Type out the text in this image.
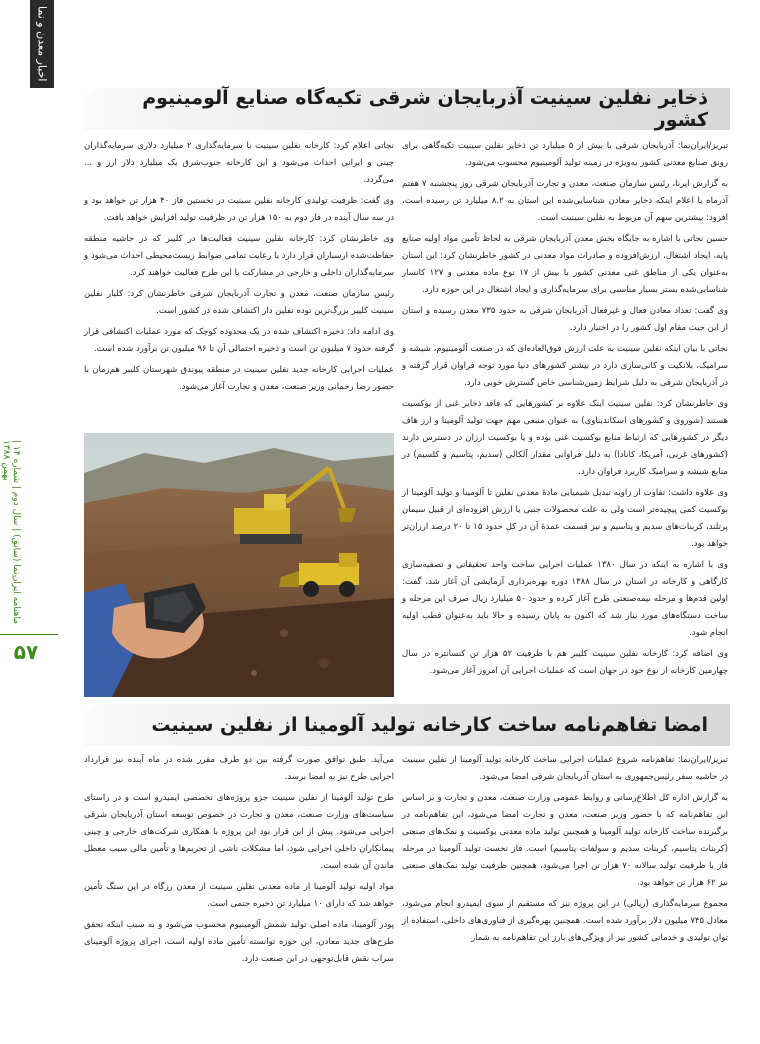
اخبار معدن و نما
ماهنامه ایران‌نما (سابق) | سال دوم | شماره ۱۴ | بهمن ۱۳۸۸
۵۷
ذخایر نفلین سینیت آذربایجان شرقی تکیه‌گاه صنایع آلومینیوم کشور

تبریز/ایران‌نما: آذربایجان شرقی با بیش از ۵ میلیارد تن ذخایر نفلین سینیت تکیه‌گاهی برای رونق صنایع معدنی کشور به‌ویژه در زمینه تولید آلومینیوم محسوب می‌شود.

به گزارش ایرنا، رئیس سازمان صنعت، معدن و تجارت آذربایجان شرقی روز پنجشنبه ۷ هفتم آذرماه با اعلام اینکه ذخایر معادن شناسایی‌شده این استان به ۸.۲ میلیارد تن رسیده است، افزود: بیشترین سهم آن مربوط به نفلین سینیت است.

حسین نجاتی با اشاره به جایگاه بخش معدن آذربایجان شرقی به لحاظ تأمین مواد اولیه صنایع پایه، ایجاد اشتغال، ارزش‌افزوده و صادرات مواد معدنی در کشور خاطرنشان کرد: این استان به‌عنوان یکی از مناطق غنی معدنی کشور با بیش از ۱۷ نوع ماده معدنی و ۱۲۷ کانسار شناسایی‌شده بستر بسیار مناسبی برای سرمایه‌گذاری و ایجاد اشتغال در این حوزه دارد.

وی گفت: تعداد معادن فعال و غیرفعال آذربایجان شرقی به حدود ۷۳۵ معدن رسیده و استان از این حیث مقام اول کشور را در اختیار دارد.

نجاتی با بیان اینکه نفلین سینیت به علت ارزش فوق‌العاده‌ای که در صنعت آلومینیوم، شیشه و سرامیک، بلانکیت و کانی‌سازی دارد در بیشتر کشورهای دنیا مورد توجه فراوان قرار گرفته و در آذربایجان شرقی به دلیل شرایط زمین‌شناسی خاص گسترش خوبی دارد.

وی خاطرنشان کرد: نفلین سینیت اینک علاوه بر کشورهایی که فاقد ذخایر غنی از بوکسیت هستند (شوروی و کشورهای اسکاندیناوی) به عنوان منبعی مهم جهت تولید آلومینا و ارز هاف دیگر در کشورهایی که ارتباط منابع بوکسیت غنی بوده و یا بوکسیت ارزان در دسترس دارند (کشورهای غربی، آمریکا، کانادا) به دلیل فراوانی مقدار آلکالی (سدیم، پتاسیم و کلسیم) در منابع شیشه و سرامیک کاربرد فراوان دارد.

وی علاوه داشت: تفاوت از زاویه تبدیل شیمیایی مادهٔ معدنی نفلین تا آلومینا و تولید آلومینا از بوکسیت کمی پیچیده‌تر است ولی به علت محصولات جنبی یا ارزش افزوده‌ای از قبیل سیمان پرتلند، کربنات‌های سدیم و پتاسیم و نیز قسمت عمدهٔ آن در کل حدود ۱۵ تا ۲۰ درصد ارزان‌تر خواهد بود.

وی با اشاره به اینکه در سال ۱۳۸۰ عملیات اجرایی ساخت واحد تحقیقاتی و تصفیه‌سازی کارگاهی و کارخانه در استان در سال ۱۳۸۸ دوره بهره‌برداری آزمایشی آن آغاز شد، گفت: اولین قدم‌ها و مرحله نیمه‌صنعتی طرح آغاز کرده و حدود ۵۰ میلیارد ریال صرف این مرحله و ساخت دستگاه‌های مورد نیاز شد که اکنون به پایان رسیده و حالا باید به‌عنوان قطب اولیه انجام شود.

وی اضافه کرد: کارخانه نفلین سینیت کلیبر هم با ظرفیت ۵۲ هزار تن کنسانتره در سال چهارمین کارخانه از نوع خود در جهان است که عملیات اجرایی آن امروز آغاز می‌شود.

نجاتی اعلام کرد: کارخانه نفلین سینیت با سرمایه‌گذاری ۲ میلیارد دلاری سرمایه‌گذاران چینی و ایرانی احداث می‌شود و این کارخانه جنوب‌شرق یک میلیارد دلار ارز و ... می‌گردد.

وی گفت: ظرفیت تولیدی کارخانه نفلین سینیت در نخستین فاز ۴۰ هزار تن خواهد بود و در سه سال آینده در فاز دوم به ۱۵۰ هزار تن در ظرفیت تولید افزایش خواهد یافت.

وی خاطرنشان کرد: کارخانه نفلین سینیت فعالیت‌ها در کلیبر که در حاشیه منطقه حفاظت‌شده ارسباران قرار دارد با رعایت تمامی ضوابط زیست‌محیطی احداث می‌شود و سرمایه‌گذاران داخلی و خارجی در مشارکت با این طرح فعالیت خواهند کرد.

رئیس سازمان صنعت، معدن و تجارت آذربایجان شرقی خاطرنشان کرد: کلبار نفلین سینیت کلیبر بزرگ‌ترین توده نفلین دار اکتشاف شده در کشور است.

وی ادامه داد: ذخیره اکتشاف شده در یک محدوده کوچک که مورد عملیات اکتشافی قرار گرفته حدود ۷ میلیون تن است و ذخیره احتمالی آن تا ۹۶ میلیون تن برآورد شده است.

عملیات اجرایی کارخانه جدید نفلین سینیت در منطقه پیوندق شهرستان کلیبر هم‌زمان با حضور رضا رحمانی وزیر صنعت، معدن و تجارت آغاز می‌شود.

امضا تفاهم‌نامه ساخت کارخانه تولید آلومینا از نفلین سینیت

تبریز/ایران‌نما: تفاهم‌نامه شروع عملیات اجرایی ساخت کارخانه تولید آلومینا از نفلین سینیت در حاشیه سفر رئیس‌جمهوری به استان آذربایجان شرقی امضا می‌شود.

به گزارش اداره کل اطلاع‌رسانی و روابط عمومی وزارت صنعت، معدن و تجارت و بر اساس این تفاهم‌نامه که با حضور وزیر صنعت، معدن و تجارت امضا می‌شود، این تفاهم‌نامه در برگیرنده ساخت کارخانه تولید آلومینا و همچنین تولید ماده معدنی بوکسیت و نمک‌های صنعتی (کربنات پتاسیم، کربنات سدیم و سولفات پتاسیم) است. فاز نخست تولید آلومینا در مرحله فاز با ظرفیت تولید سالانه ۷۰ هزار تن اجرا می‌شود، همچنین ظرفیت تولید نمک‌های صنعتی نیز ۶۲ هزار تن خواهد بود.

مجموع سرمایه‌گذاری (ریالی) در این پروژه نیز که مستقیم از سوی ایمیدرو انجام می‌شود، معادل ۷۴۵ میلیون دلار برآورد شده است. همچنین بهره‌گیری از فناوری‌های داخلی، استفاده از توان تولیدی و خدماتی کشور نیز از ویژگی‌های بارز این تفاهم‌نامه به شمار

می‌آید. طبق توافق صورت گرفته بین دو طرف مقرر شده در ماه آینده نیز قرارداد اجرایی طرح نیز به امضا برسد.

طرح تولید آلومینا از نفلین سینیت جزو پروژه‌های تخصصی ایمیدرو است و در راستای سیاست‌های وزارت صنعت، معدن و تجارت در خصوص توسعه استان آذربایجان شرقی اجرایی می‌شود. پیش از این قرار بود این پروژه با همکاری شرکت‌های خارجی و چینی پیمانکاران داخلی اجرایی شود، اما مشکلات ناشی از تحریم‌ها و تأمین مالی سبب معطل ماندن آن شده است.

مواد اولیه تولید آلومینا از ماده معدنی نفلین سینیت از معدن رزگاه در این سنگ تأمین خواهد شد که دارای ۱۰ میلیارد تن ذخیره حتمی است.

پودر آلومینا، ماده اصلی تولید شمش آلومینیوم محسوب می‌شود و به سبب اینکه تحقق طرح‌های جدید معادن، این حوزه توانسته تأمین ماده اولیه است، اجرای پروژه آلومینای سراب نقش قابل‌توجهی در این صنعت دارد.
